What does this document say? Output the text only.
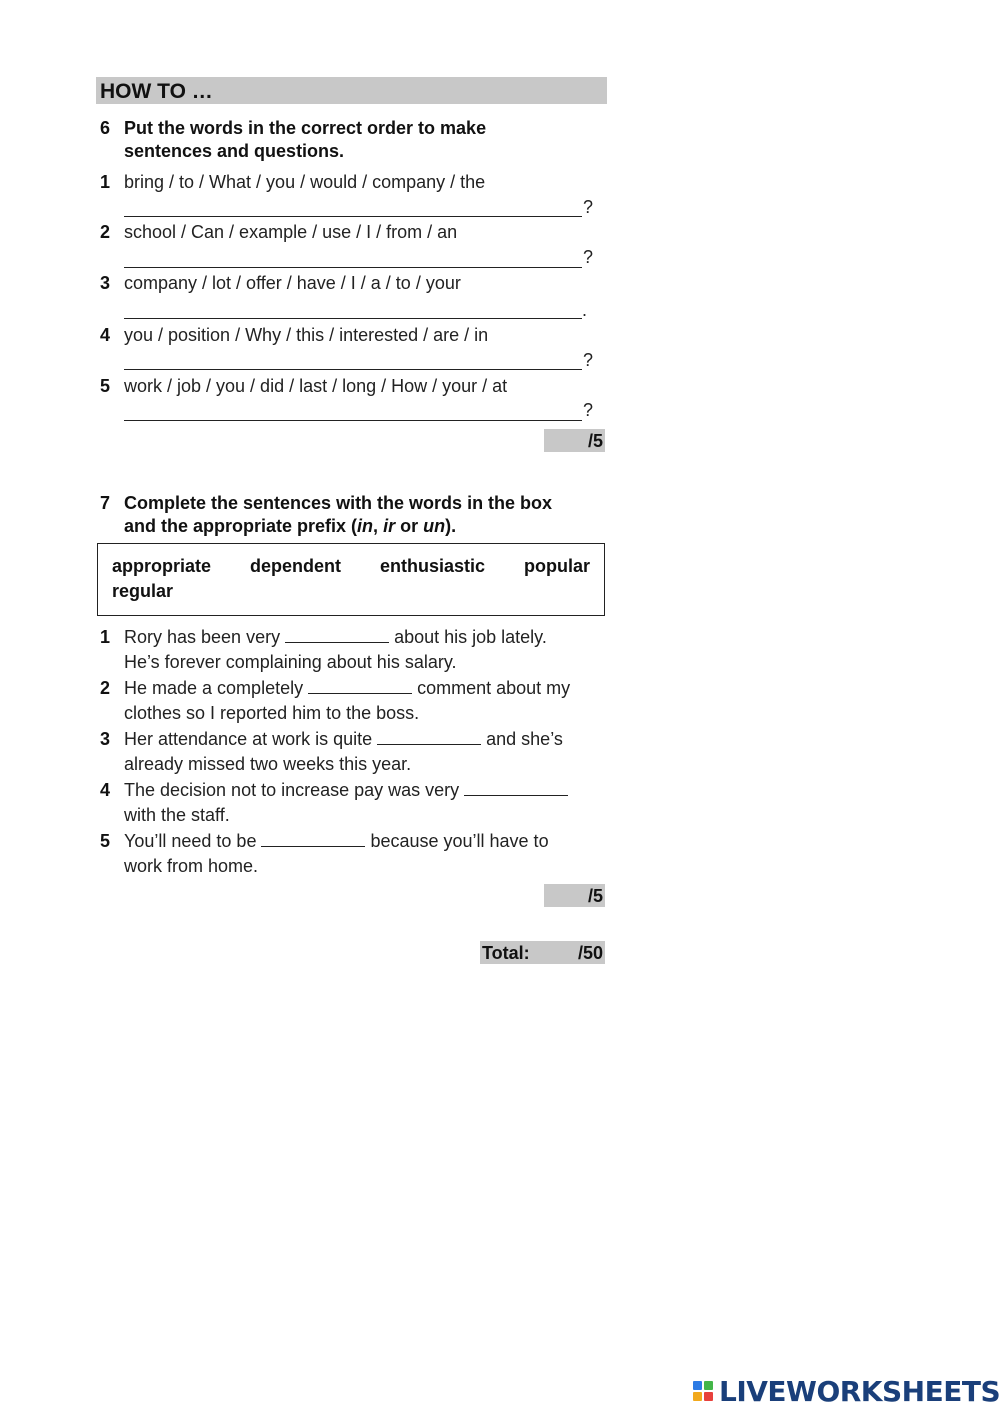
HOW TO …
6 Put the words in the correct order to make
sentences and questions.
1 bring / to / What / you / would / company / the
?
2 school / Can / example / use / I / from / an
?
3 company / lot / offer / have / I / a / to / your
.
4 you / position / Why / this / interested / are / in
?
5 work / job / you / did / last / long / How / your / at
?
/5
7 Complete the sentences with the words in the box
and the appropriate prefix (in, ir or un).
appropriate dependent enthusiastic popular
regular
1 Rory has been very	about his job lately.
He’s forever complaining about his salary.
2 He made a completely	comment about my
clothes so I reported him to the boss.
3 Her attendance at work is quite	and she’s
already missed two weeks this year.
4 The decision not to increase pay was very
with the staff.
5 You’ll need to be	because you’ll have to
work from home.
/5
Total:	/50
LIVEWORKSHEETS
